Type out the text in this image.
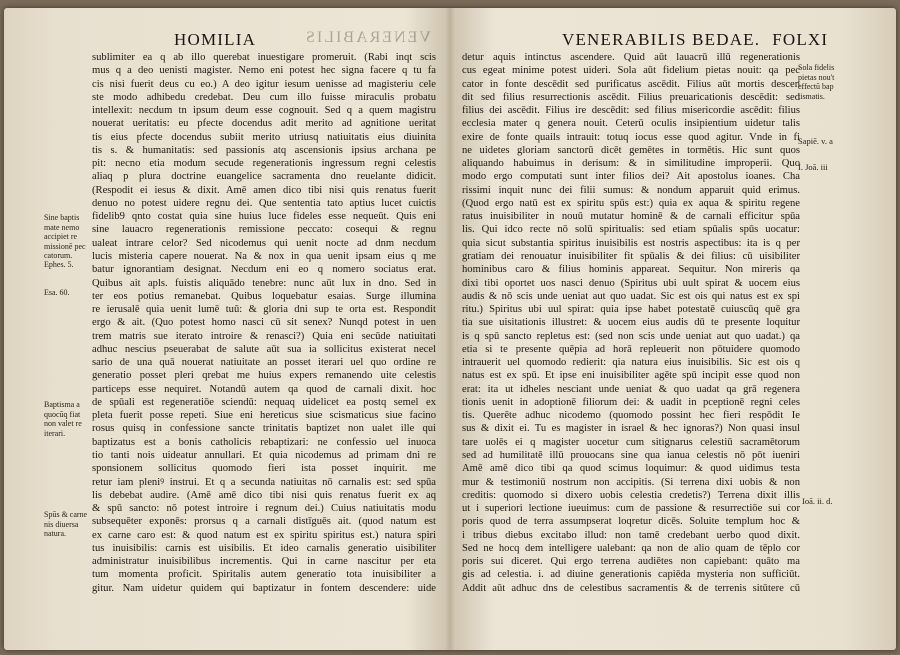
VENERABILIS
HOMILIA
sublimiter ea q ab illo querebat inuestigare promeruit. (Rabi inqt scis
mus q a deo uenisti magister. Nemo eni potest hec signa facere q tu fa
cis nisi fuerit deus cu eo.) A deo igitur iesum uenisse ad magisteriu cele
ste modo adhibedu credebat. Deu cum illo fuisse miraculis probatu
intellexit: necdum tn ipsum deum esse cognouit. Sed q a quem magistru
nouerat ueritatis: eu pfecte docendus adit merito ad agnitione ueritat
tis eius pfecte docendus subiit merito utriusq natiuitatis eius diuinita
tis s. & humanitatis: sed passionis atq ascensionis ipsius archana pe
pit: necno etia modum secude regenerationis ingressum regni celestis
aliaq p plura doctrine euangelice sacramenta dno reuelante didicit.
(Respodit ei iesus & dixit. Amē amen dico tibi nisi quis renatus fuerit
denuo no potest uidere regnu dei. Que sententia tato aptius lucet cuictis
fidelib9 qnto costat quia sine huius luce fideles esse nequeūt. Quis eni
sine lauacro regenerationis remissione peccato: cosequi & regnu
ualeat intrare celor? Sed nicodemus qui uenit nocte ad dnm necdum
lucis misteria capere nouerat. Na & nox in qua uenit ipsam eius q me
batur ignorantiam designat. Necdum eni eo q nomero sociatus erat.
Quibus ait apls. fuistis aliquādo tenebre: nunc aūt lux in dno. Sed in
ter eos potius remanebat. Quibus loquebatur esaias. Surge illumina
re ierusalē quia uenit lumē tuū: & gloria dni sup te orta est. Respondit
ergo & ait. (Quo potest homo nasci cū sit senex? Nunqd potest in uen
trem matris sue iterato introire & renasci?) Quia eni secūde natiuitati
adhuc nescius pseuerabat de salute aūt sua ia sollicitus existerat necel
sario de una quā nouerat natiuitate an posset iterari uel quo ordine re
generatio posset pleri qrebat me huius expers remanendo uite celestis
particeps esse nequiret. Notandū autem qa quod de carnali dixit. hoc
de spūali est regeneratiōe sciendū: nequaq uidelicet ea postq semel ex
pleta fuerit posse repeti. Siue eni hereticus siue scismaticus siue facino
rosus quisq in confessione sancte trinitatis baptizet non ualet ille qui
baptizatus est a bonis catholicis rebaptizari: ne confessio uel inuoca
tio tanti nois uideatur annullari. Et quia nicodemus ad primam dni re
sponsionem sollicitus quomodo fieri ista posset inquirit. me
retur iam pleniꝰ instrui. Et q a secunda natiuitas nō carnalis est: sed spūa
lis debebat audire. (Amē amē dico tibi nisi quis renatus fuerit ex aq
& spū sancto: nō potest introire i regnum dei.) Cuius natiuitatis modu
subsequēter exponēs: prorsus q a carnali distīguēs ait. (quod natum est
ex carne caro est: & quod natum est ex spiritu spiritus est.) natura spiri
tus inuisibilis: carnis est uisibilis. Et ideo carnalis generatio uisibiliter
administratur inuisibilibus incrementis. Qui in carne nascitur per eta
tum momenta proficit. Spiritalis autem generatio tota inuisibiliter a
gitur. Nam uidetur quidem qui baptizatur in fontem descendere: uide
Sine baptis
mate nemo
accipiet re
missionē pec
catorum.
Ephes. 5.
Esa. 60.
Baptisma a
quocūq fiat
non valet re
iterari.
Spūs & carne
nis diuersa
natura.
VENERABILIS BEDAE. FOLXI
detur aquis intinctus ascendere. Quid aūt lauacrū illū regenerationis
cus egeat minime potest uideri. Sola aūt fidelium pietas nouit: qa pec
cator in fonte descēdit sed purificatus ascēdit. Filius aūt mortis descen
dit sed filius resurrectionis ascēdit. Filius preuaricationis descēdit: sed
filius dei ascēdit. Filius ire descēdit: sed filius misericordie ascēdit: filius
ecclesia mater q genera nouit. Ceterū oculis insipientium uidetur talis
exire de fonte quails intrauit: totuq iocus esse quod agitur. Vnde in fi
ne uidetes gloriam sanctorū dicēt gemētes in tormētis. Hic sunt quos
aliquando habuimus in derisum: & in similitudine improperii. Quo
modo ergo computati sunt inter filios dei? Ait apostolus ioanes. Cha
rissimi inquit nunc dei filii sumus: & nondum apparuit quid erimus.
(Quod ergo natū est ex spiritu spūs est:) quia ex aqua & spiritu regene
ratus inuisibiliter in nouū mutatur hominē & de carnali efficitur spūa
lis. Qui idco recte nō solū spiritualis: sed etiam spūalis spūs uocatur:
quia sicut substantia spiritus inuisibilis est nostris aspectibus: ita is q per
gratiam dei renouatur inuisibiliter fit spūalis & dei filius: cū uisibiliter
hominibus caro & filius hominis appareat. Sequitur. Non mireris qa
dixi tibi oportet uos nasci denuo (Spiritus ubi uult spirat & uocem eius
audis & nō scis unde ueniat aut quo uadat. Sic est ois qui natus est ex spi
ritu.) Spiritus ubi uul spirat: quia ipse habet potestatē cuiuscūq quē gra
tia sue uisitationis illustret: & uocem eius audis dū te presente loquitur
is q spū sancto repletus est: (sed non scis unde ueniat aut quo uadat.) qa
etia si te presente quēpia ad horā repleuerit non pōtuidere quomodo
intrauerit uel quomodo redierit: qia natura eius inuisibilis. Sic est ois q
natus est ex spū. Et ipse eni inuisibiliter agēte spū incipit esse quod non
erat: ita ut idheles nesciant unde ueniat & quo uadat qa grā regenera
tionis uenit in adoptionē filiorum dei: & uadit in pceptionē regni celes
tis. Querēte adhuc nicodemo (quomodo possint hec fieri respōdit Ie
sus & dixit ei. Tu es magister in israel & hec ignoras?) Non quasi insul
tare uolēs ei q magister uocetur cum sitignarus celestiū sacramētorum
sed ad humilitatē illū prouocans sine qua ianua celestis nō pōt iueniri
Amē amē dico tibi qa quod scimus loquimur: & quod uidimus testa
mur & testimoniū nostrum non accipitis. (Si terrena dixi uobis & non
creditis: quomodo si dixero uobis celestia credetis?) Terrena dixit illis
ut i superiori lectione iueuimus: cum de passione & resurrectiōe sui cor
poris quod de terra assumpserat loqretur dicēs. Soluite templum hoc &
i tribus diebus excitabo illud: non tamē credebant uerbo quod dixit.
Sed ne hocq dem intelligere ualebant: qa non de alio quam de tēplo cor
poris sui diceret. Qui ergo terrena audiētes non capiebant: quāto ma
gis ad celestia. i. ad diuine generationis capiēda mysteria non sufficiūt.
Addit aūt adhuc dns de celestibus sacramentis & de terrenis sitūtere cū
Sola fidelis
pietas nou't
effectū bap
tismatis.
Sapiē. v. a
I. Joā. iii
Ioā. ii. d.
